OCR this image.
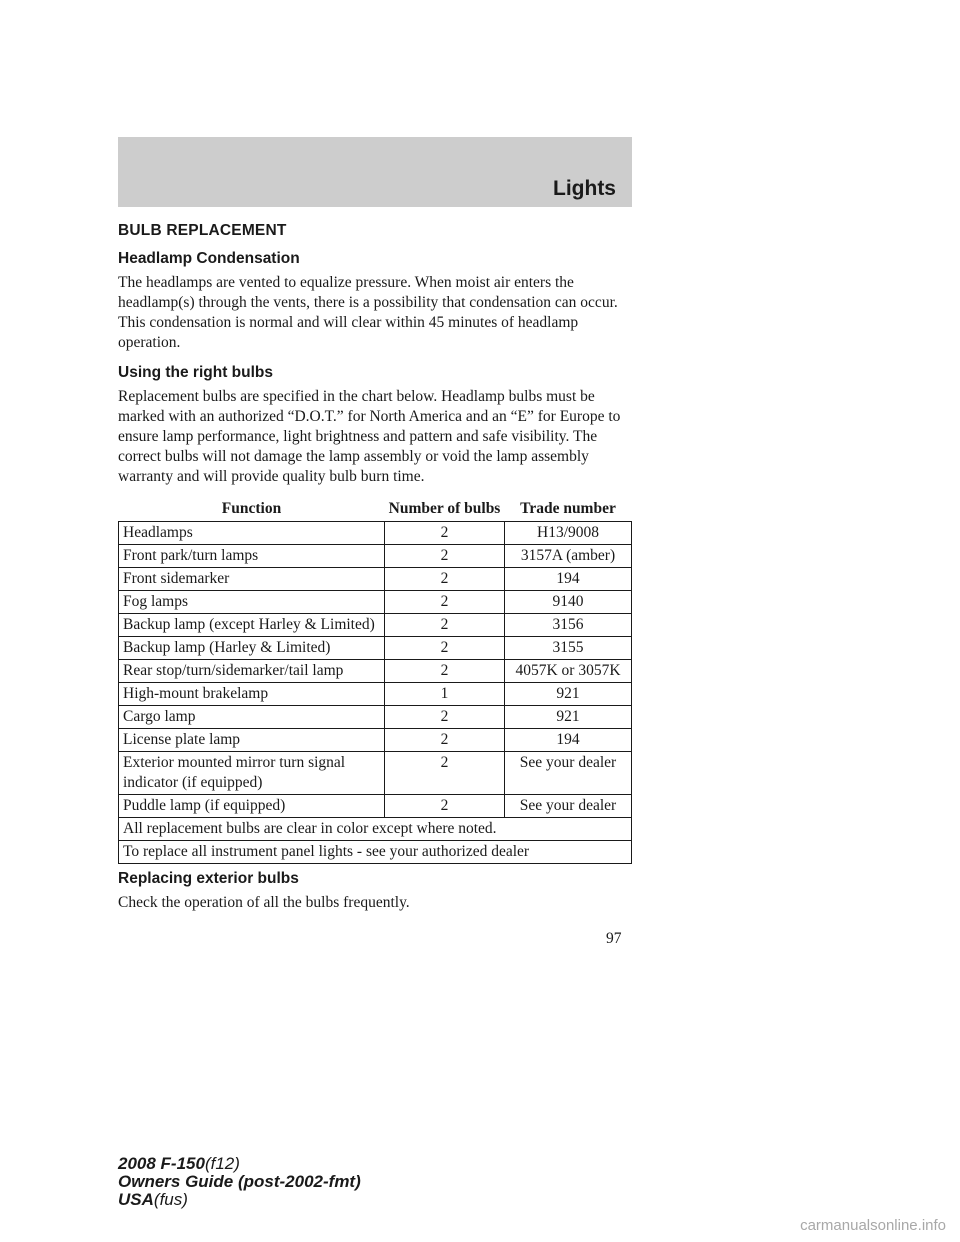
Lights
BULB REPLACEMENT
Headlamp Condensation

The headlamps are vented to equalize pressure. When moist air enters the headlamp(s) through the vents, there is a possibility that condensation can occur. This condensation is normal and will clear within 45 minutes of headlamp operation.

Using the right bulbs

Replacement bulbs are specified in the chart below. Headlamp bulbs must be marked with an authorized “D.O.T.” for North America and an “E” for Europe to ensure lamp performance, light brightness and pattern and safe visibility. The correct bulbs will not damage the lamp assembly or void the lamp assembly warranty and will provide quality bulb burn time.

Function	Number of bulbs	Trade number
Headlamps	2	H13/9008
Front park/turn lamps	2	3157A (amber)
Front sidemarker	2	194
Fog lamps	2	9140
Backup lamp (except Harley & Limited)	2	3156
Backup lamp (Harley & Limited)	2	3155
Rear stop/turn/sidemarker/tail lamp	2	4057K or 3057K
High-mount brakelamp	1	921
Cargo lamp	2	921
License plate lamp	2	194
Exterior mounted mirror turn signal indicator (if equipped)	2	See your dealer
Puddle lamp (if equipped)	2	See your dealer
All replacement bulbs are clear in color except where noted.		
To replace all instrument panel lights - see your authorized dealer		
Replacing exterior bulbs

Check the operation of all the bulbs frequently.

97
2008 F-150(f12)
Owners Guide (post-2002-fmt)
USA(fus)
carmanualsonline.info
